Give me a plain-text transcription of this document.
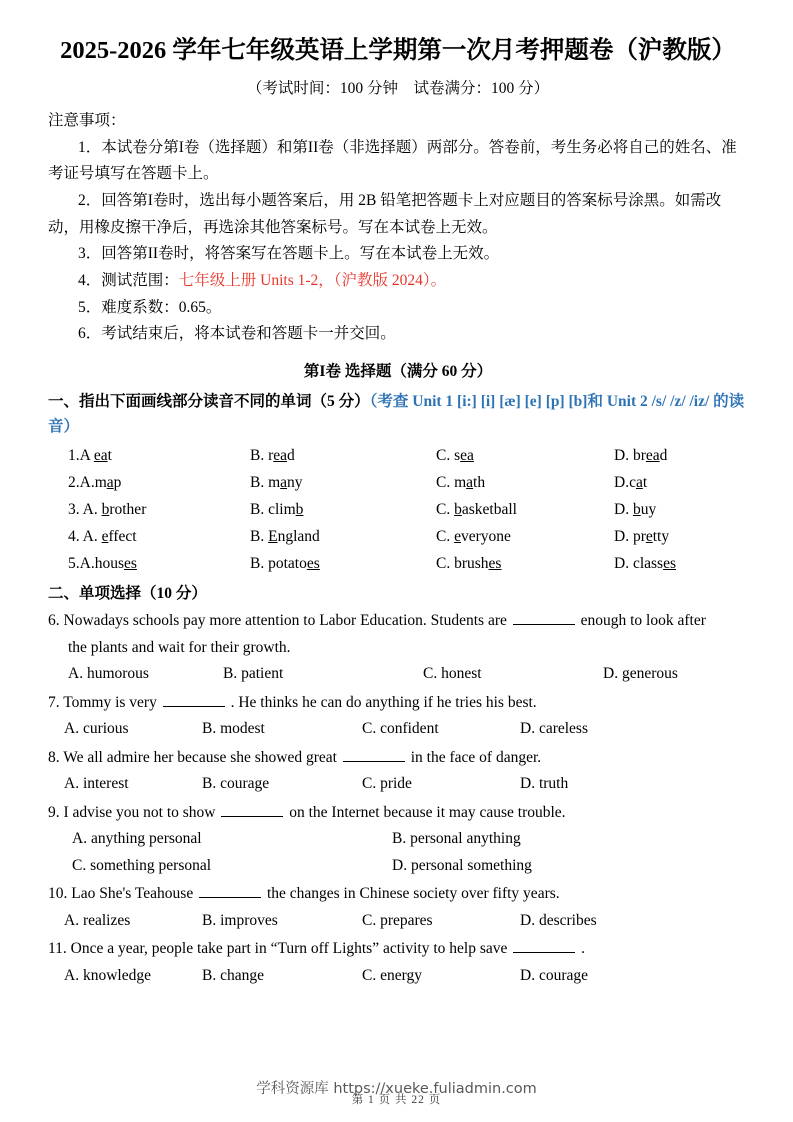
2025-2026 学年七年级英语上学期第一次月考押题卷（沪教版）
（考试时间：100 分钟　试卷满分：100 分）
注意事项：

1．本试卷分第I卷（选择题）和第II卷（非选择题）两部分。答卷前，考生务必将自己的姓名、准考证号填写在答题卡上。

2．回答第I卷时，选出每小题答案后，用 2B 铅笔把答题卡上对应题目的答案标号涂黑。如需改动，用橡皮擦干净后，再选涂其他答案标号。写在本试卷上无效。

3．回答第II卷时，将答案写在答题卡上。写在本试卷上无效。

4．测试范围：七年级上册 Units 1-2，（沪教版 2024）。

5．难度系数：0.65。

6．考试结束后，将本试卷和答题卡一并交回。

第I卷 选择题（满分 60 分）
一、指出下面画线部分读音不同的单词（5 分）（考查 Unit 1 [i:] [i] [æ] [e] [p] [b]和 Unit 2 /s/ /z/ /iz/ 的读音）
1.A eat	B. read	C. sea	D. bread
2.A.map	B. many	C. math	D.cat
3. A. brother	B. climb	C. basketball	D. buy
4. A. effect	B. England	C. everyone	D. pretty
5.A.houses	B. potatoes	C. brushes	D. classes
二、单项选择（10 分）
6. Nowadays schools pay more attention to Labor Education. Students are	enough to look after
the plants and wait for their growth.
A. humorous	B. patient	C. honest	D. generous
7. Tommy is very	. He thinks he can do anything if he tries his best.
A. curious	B. modest	C. confident	D. careless
8. We all admire her because she showed great	in the face of danger.
A. interest	B. courage	C. pride	D. truth
9. I advise you not to show	on the Internet because it may cause trouble.
A. anything personal	B. personal anything
C. something personal	D. personal something
10. Lao She's Teahouse	the changes in Chinese society over fifty years.
A. realizes	B. improves	C. prepares	D. describes
11. Once a year, people take part in “Turn off Lights” activity to help save	.
A. knowledge	B. change	C. energy	D. courage
学科资源库 https://xueke.fuliadmin.com
第 1 页 共 22 页
